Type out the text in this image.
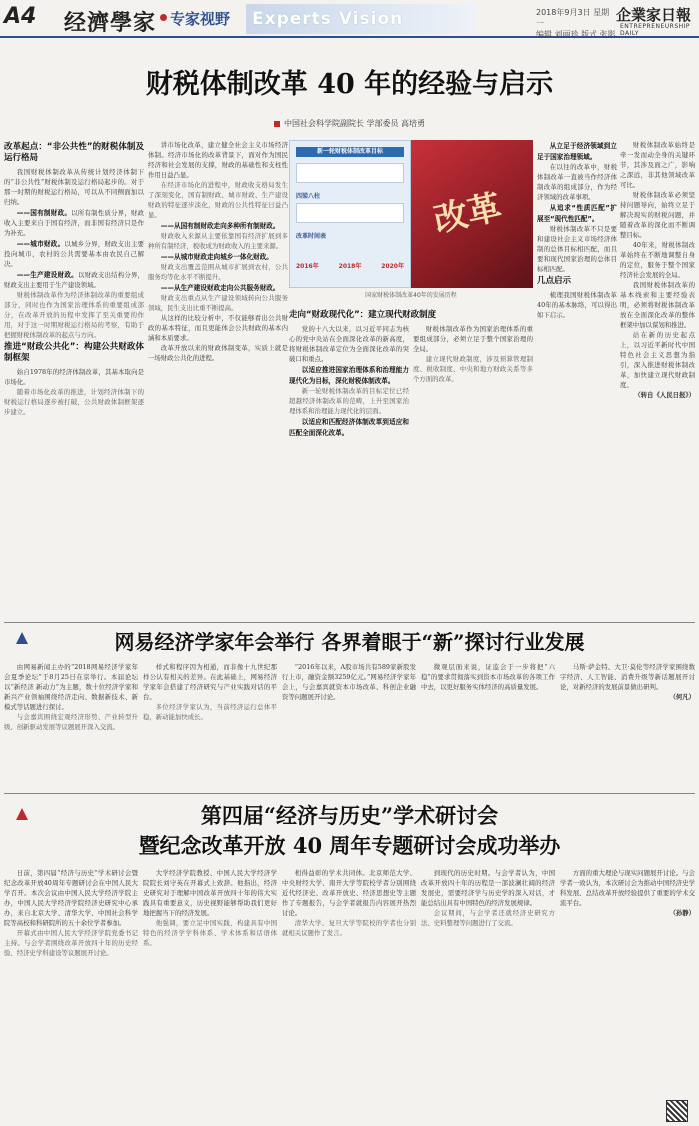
A4 经濟學家 专家视野 Experts Vision	2018年9月3日 星期一
编辑 刘丽珍 版式 张影
企業家日報
ENTREPRENEURSHIP DAILY
财税体制改革 40 年的经验与启示
中国社会科学院副院长 学部委员 高培勇
改革起点：“非公共性”的财税体制及运行格局

我国财税体制改革从传统计划经济体制下的“非公共性”财税体制及运行格局起步的。对于那一时期的财税运行格局，可以从不同侧面加以归纳。

——国有制财政。以所有制性质分界，财政收入主要来自于国有经济，而非国有经济只是作为补充。

——城市财政。以城乡分界，财政支出主要投向城市，农村的公共需要基本由农民自己解决。

——生产建设财政。以财政支出结构分界，财政支出主要用于生产建设领域。

财税体制改革作为经济体制改革的重要组成部分，同时也作为国家治理体系的重要组成部分，在改革开放的历程中发挥了至关重要的作用，对于这一时期财税运行格局的考察，有助于把握财税体制改革的起点与方向。

推进“财政公共化”：构建公共财政体制框架

始自1978年的经济体制改革，其基本取向是市场化。

随着市场化改革的推进，计划经济体制下的财税运行格局逐步被打破，公共财政体制框架逐步建立。

讲市场化改革，建立健全社会主义市场经济体制。经济市场化的改革背景下，面对作为国民经济和社会发展的支撑，财政的基础性和支柱性作用日益凸显。

在经济市场化的进程中，财政收支格局发生了深刻变化，国有制财政、城市财政、生产建设财政的特征逐步淡化，财政的公共性特征日益凸显。

——从国有制财政走向多种所有制财政。

财政收入来源从主要依靠国有经济扩展到多种所有制经济，税收成为财政收入的主要来源。

——从城市财政走向城乡一体化财政。

财政支出覆盖范围从城市扩展到农村，公共服务均等化水平不断提升。

——从生产建设财政走向公共服务财政。

财政支出重点从生产建设领域转向公共服务领域，民生支出比重不断提高。

从这样的比较分析中，不仅能够看出公共财政的基本特征，而且更能体会公共财政的基本内涵和本质要求。

改革开放以来的财政体制变革，实质上就是一场财政公共化的进程。

走向“财政现代化”：建立现代财政制度

党的十八大以来，以习近平同志为核心的党中央站在全面深化改革的新高度，将财税体制改革定位为全面深化改革的突破口和重点。

以适应推进国家治理体系和治理能力现代化为目标，深化财税体制改革。

新一轮财税体制改革的目标定位已经超越经济体制改革的范畴，上升至国家治理体系和治理能力现代化的层面。

以适应和匹配经济体制改革到适应和匹配全面深化改革。

财税体制改革作为国家治理体系的重要组成部分，必须立足于整个国家治理的全局。

建立现代财政制度，涉及预算管理制度、税收制度、中央和地方财政关系等多个方面的改革。

新一轮财税体制改革目标
四梁八柱
改革时间表
2016年	2018年	2020年
改革
国家财税体制改革40年的发展历程

从立足于经济领域到立足于国家治理领域。

在以往的改革中，财税体制改革一直被当作经济体制改革的组成部分，作为经济领域的改革事项。

从追求“性质匹配”扩展至“现代性匹配”。

财税体制改革不只是要和建设社会主义市场经济体制的总体目标相匹配，而且要和现代国家治理的总体目标相匹配。

几点启示

梳理我国财税体制改革40年的基本脉络，可以得出如下启示。

财税体制改革始终是牵一发而动全身的关键环节，其涉及面之广，影响之深远，非其他领域改革可比。

财税体制改革必须坚持问题导向，始终立足于解决现实的财税问题，并随着改革的深化而不断调整目标。

40年来，财税体制改革始终在不断地调整自身的定位，服务于整个国家经济社会发展的全局。

我国财税体制改革的基本线索和主要经验表明，必须将财税体制改革放在全面深化改革的整体框架中加以谋划和推进。

站在新的历史起点上，以习近平新时代中国特色社会主义思想为指引，深入推进财税体制改革，加快建立现代财政制度。

（转自《人民日报》）
网易经济学家年会举行 各界着眼于“新”探讨行业发展

由网易新闻主办的“2018网易经济学家年会夏季论坛”于8月25日在京举行。本届论坛以“新经济 新动力”为主题，数十位经济学家和新兴产业领袖围绕经济走向、数据新技术、新模式等话题进行探讨。

与会嘉宾围绕宏观经济形势、产业转型升级、创新驱动发展等议题展开深入交流。

样式和程序因为相通，而非像十九世纪那样公认有相关的差异。在此基础上，网易经济学家年会搭建了经济研究与产业实践对话的平台。

多位经济学家认为，当前经济运行总体平稳，新动能加快成长。

“2016年以来，A股市场共有589家新股发行上市，融资金额3259亿元。”网易经济学家年会上，与会嘉宾就资本市场改革、科创企业融资等问题展开讨论。

微观层面来说，证监会于一步将把“六稳”的要求贯彻落实到资本市场改革的各项工作中去，以更好服务实体经济的高质量发展。

马斯·萨金特、大卫·莫伦等经济学家围绕数字经济、人工智能、消费升级等新话题展开讨论，对新经济的发展前景做出研判。

（何凡）
第四届“经济与历史”学术研讨会
暨纪念改革开放 40 周年专题研讨会成功举办

日前，第四届“经济与历史”学术研讨会暨纪念改革开放40周年专题研讨会在中国人民大学召开。本次会议由中国人民大学经济学院主办，中国人民大学经济学院经济史研究中心承办，来自北京大学、清华大学、中国社会科学院等高校和科研院所的五十余位学者参加。

开幕式由中国人民大学经济学院党委书记主持。与会学者围绕改革开放四十年的历史经验、经济史学科建设等议题展开讨论。

大学经济学院教授、中国人民大学经济学院院长刘守英在开幕式上致辞。他指出，经济史研究对于理解中国改革开放四十年的伟大实践具有重要意义，历史视野能够帮助我们更好地把握当下的经济发展。

他强调，要立足中国实践，构建具有中国特色的经济学学科体系、学术体系和话语体系。

相得益彰的学术共同体。北京师范大学、中央财经大学、南开大学等院校学者分别围绕近代经济史、改革开放史、经济思想史等主题作了专题报告，与会学者就报告内容展开热烈讨论。

清华大学、复旦大学等院校的学者也分别就相关议题作了发言。

到现代的历史时期。与会学者认为，中国改革开放四十年的历程是一部波澜壮阔的经济发展史，需要经济学与历史学的深入对话，才能总结出具有中国特色的经济发展规律。

会议期间，与会学者还就经济史研究方法、史料整理等问题进行了交流。

方面的重大理论与现实问题展开讨论。与会学者一致认为，本次研讨会为推动中国经济史学科发展、总结改革开放经验提供了重要的学术交流平台。

（孙静）
